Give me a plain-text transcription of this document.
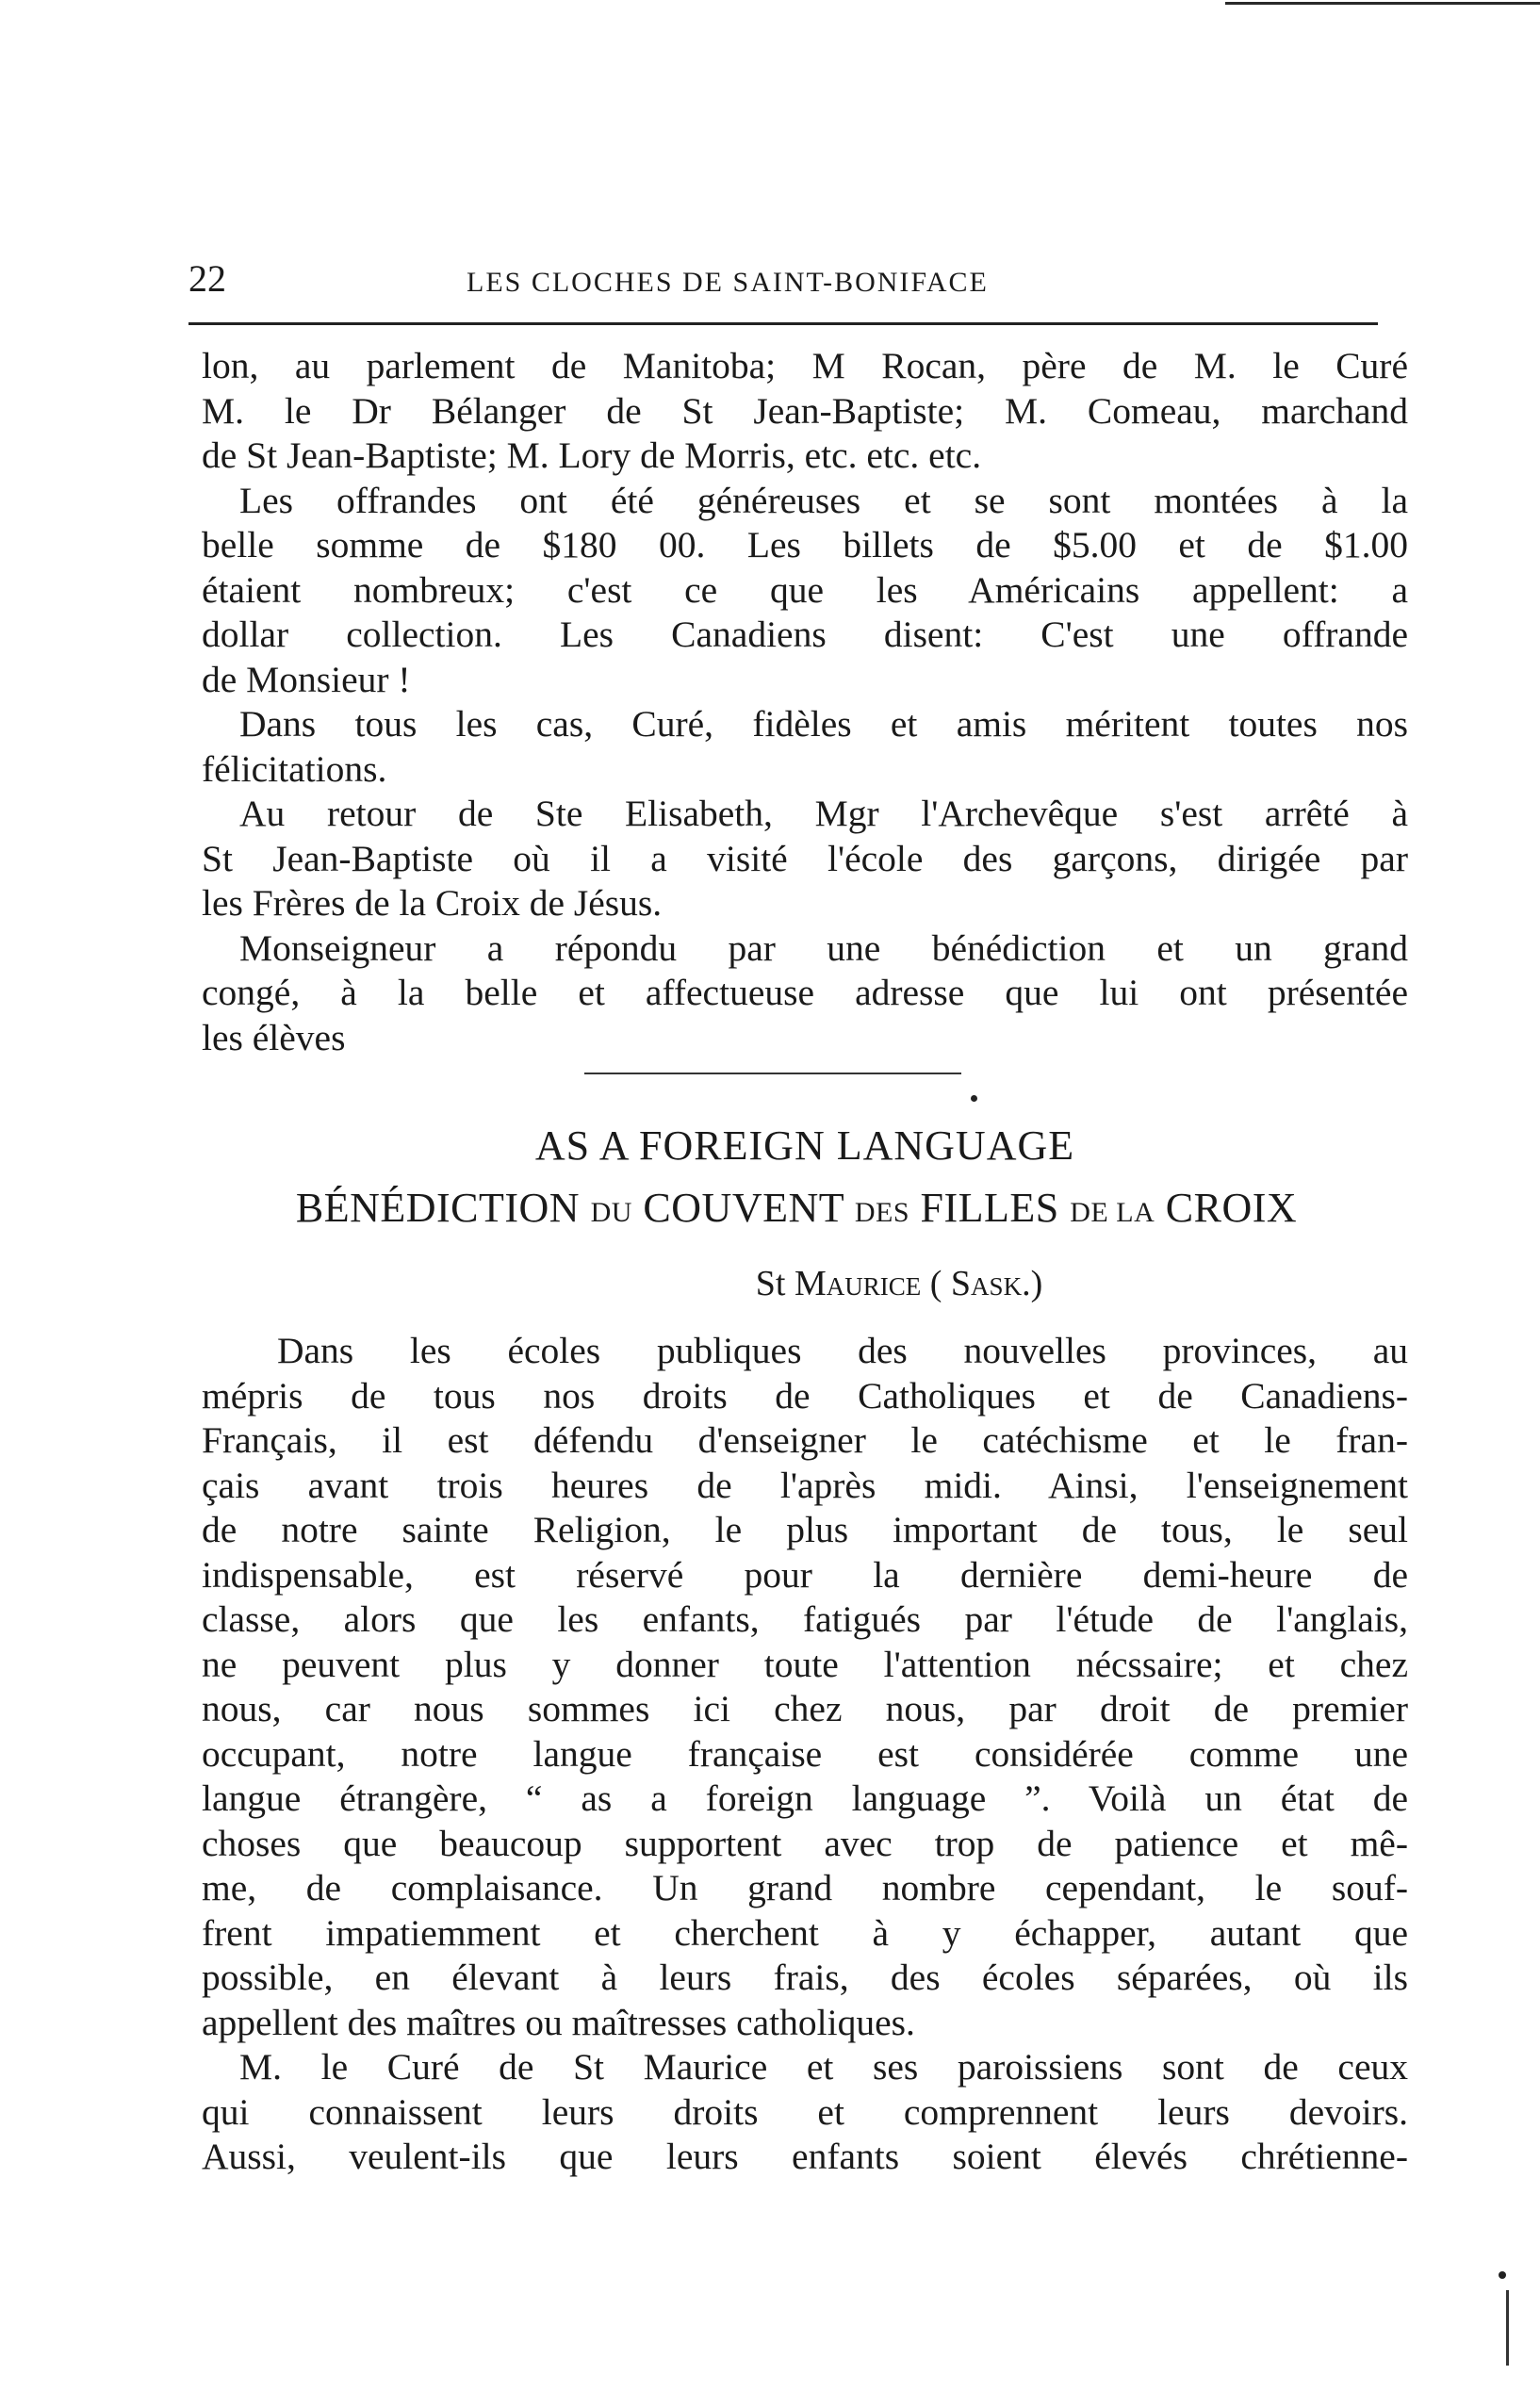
22	LES CLOCHES DE SAINT-BONIFACE
lon, au parlement de Manitoba; M Rocan, père de M. le Curé
M. le Dr Bélanger de St Jean-Baptiste; M. Comeau, marchand
de St Jean-Baptiste; M. Lory de Morris, etc. etc. etc.
Les offrandes ont été généreuses et se sont montées à la
belle somme de $180 00. Les billets de $5.00 et de $1.00
étaient nombreux; c'est ce que les Américains appellent: a
dollar collection. Les Canadiens disent: C'est une offrande
de Monsieur !
Dans tous les cas, Curé, fidèles et amis méritent toutes nos
félicitations.
Au retour de Ste Elisabeth, Mgr l'Archevêque s'est arrêté à
St Jean-Baptiste où il a visité l'école des garçons, dirigée par
les Frères de la Croix de Jésus.
Monseigneur a répondu par une bénédiction et un grand
congé, à la belle et affectueuse adresse que lui ont présentée
les élèves
AS A FOREIGN LANGUAGE
BÉNÉDICTION DU COUVENT DES FILLES DE LA CROIX
St Maurice ( Sask.)
Dans les écoles publiques des nouvelles provinces, au
mépris de tous nos droits de Catholiques et de Canadiens-
Français, il est défendu d'enseigner le catéchisme et le fran-
çais avant trois heures de l'après midi. Ainsi, l'enseignement
de notre sainte Religion, le plus important de tous, le seul
indispensable, est réservé pour la dernière demi-heure de
classe, alors que les enfants, fatigués par l'étude de l'anglais,
ne peuvent plus y donner toute l'attention nécssaire; et chez
nous, car nous sommes ici chez nous, par droit de premier
occupant, notre langue française est considérée comme une
langue étrangère, “ as a foreign language ”. Voilà un état de
choses que beaucoup supportent avec trop de patience et mê-
me, de complaisance. Un grand nombre cependant, le souf-
frent impatiemment et cherchent à y échapper, autant que
possible, en élevant à leurs frais, des écoles séparées, où ils
appellent des maîtres ou maîtresses catholiques.
M. le Curé de St Maurice et ses paroissiens sont de ceux
qui connaissent leurs droits et comprennent leurs devoirs.
Aussi, veulent-ils que leurs enfants soient élevés chrétienne-
